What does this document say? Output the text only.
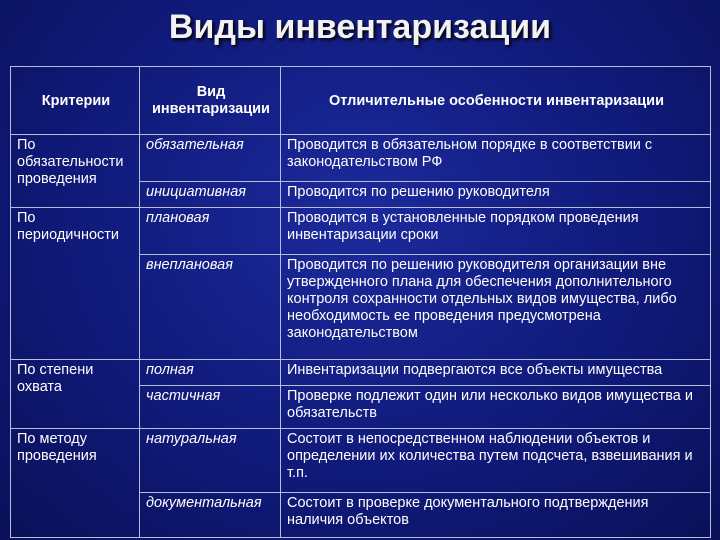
Виды инвентаризации
Критерии	Вид инвентаризации	Отличительные особенности инвентаризации
По обязательности проведения	обязательная	Проводится в обязательном порядке в соответствии с законодательством РФ
	инициативная	Проводится по решению руководителя
По периодичности	плановая	Проводится в установленные порядком проведения инвентаризации сроки
	внеплановая	Проводится по решению руководителя организации вне утвержденного плана для обеспечения дополнительного контроля сохранности отдельных видов имущества, либо необходимость ее проведения предусмотрена законодательством
По степени охвата	полная	Инвентаризации подвергаются все объекты имущества
	частичная	Проверке подлежит один или несколько видов имущества и обязательств
По методу проведения	натуральная	Состоит в непосредственном наблюдении объектов и определении их количества путем подсчета, взвешивания и т.п.
	документальная	Состоит в проверке документального подтверждения наличия объектов
